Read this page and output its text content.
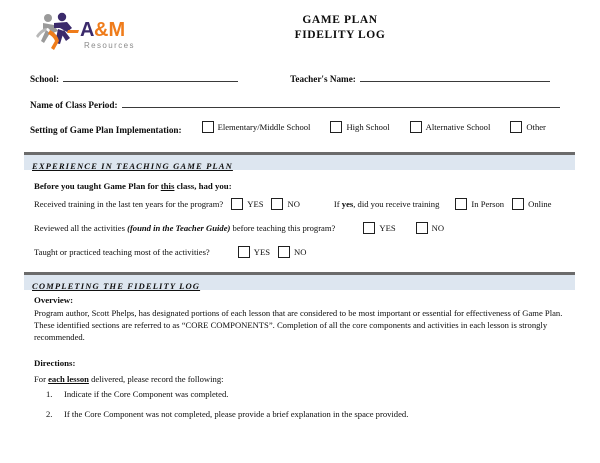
A &M
Resources
GAME PLAN
FIDELITY LOG
School:	Teacher's Name:
Name of Class Period:
Setting of Game Plan Implementation:	Elementary/Middle School	High School	Alternative School	Other
EXPERIENCE IN TEACHING GAME PLAN
Before you taught Game Plan for this class, had you:
Received training in the last ten years for the program?	YES	NO	If yes, did you receive training	In Person	Online
Reviewed all the activities (found in the Teacher Guide) before teaching this program?	YES	NO
Taught or practiced teaching most of the activities?	YES	NO
COMPLETING THE FIDELITY LOG
Overview:
Program author, Scott Phelps, has designated portions of each lesson that are considered to be most important or essential for effectiveness of Game Plan. These identified sections are referred to as “CORE COMPONENTS”. Completion of all the core components and activities in each lesson is strongly recommended.
Directions:
For each lesson delivered, please record the following:
1.	Indicate if the Core Component was completed.
2.	If the Core Component was not completed, please provide a brief explanation in the space provided.
